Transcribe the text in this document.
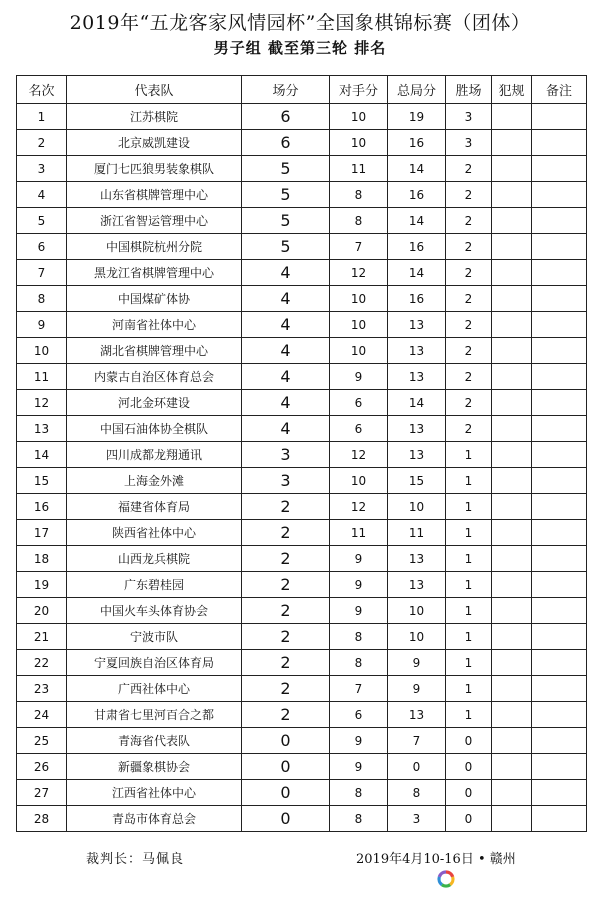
2019年“五龙客家风情园杯”全国象棋锦标赛（团体）
男子组 截至第三轮 排名
名次	代表队	场分	对手分	总局分	胜场	犯规	备注
1	江苏棋院	6	10	19	3		
2	北京威凯建设	6	10	16	3		
3	厦门七匹狼男装象棋队	5	11	14	2		
4	山东省棋牌管理中心	5	8	16	2		
5	浙江省智运管理中心	5	8	14	2		
6	中国棋院杭州分院	5	7	16	2		
7	黑龙江省棋牌管理中心	4	12	14	2		
8	中国煤矿体协	4	10	16	2		
9	河南省社体中心	4	10	13	2		
10	湖北省棋牌管理中心	4	10	13	2		
11	内蒙古自治区体育总会	4	9	13	2		
12	河北金环建设	4	6	14	2		
13	中国石油体协全棋队	4	6	13	2		
14	四川成都龙翔通讯	3	12	13	1		
15	上海金外滩	3	10	15	1		
16	福建省体育局	2	12	10	1		
17	陕西省社体中心	2	11	11	1		
18	山西龙兵棋院	2	9	13	1		
19	广东碧桂园	2	9	13	1		
20	中国火车头体育协会	2	9	10	1		
21	宁波市队	2	8	10	1		
22	宁夏回族自治区体育局	2	8	9	1		
23	广西社体中心	2	7	9	1		
24	甘肃省七里河百合之都	2	6	13	1		
25	青海省代表队	0	9	7	0		
26	新疆象棋协会	0	9	0	0		
27	江西省社体中心	0	8	8	0		
28	青岛市体育总会	0	8	3	0		
裁判长：马佩良	2019年4月10-16日 • 赣州
